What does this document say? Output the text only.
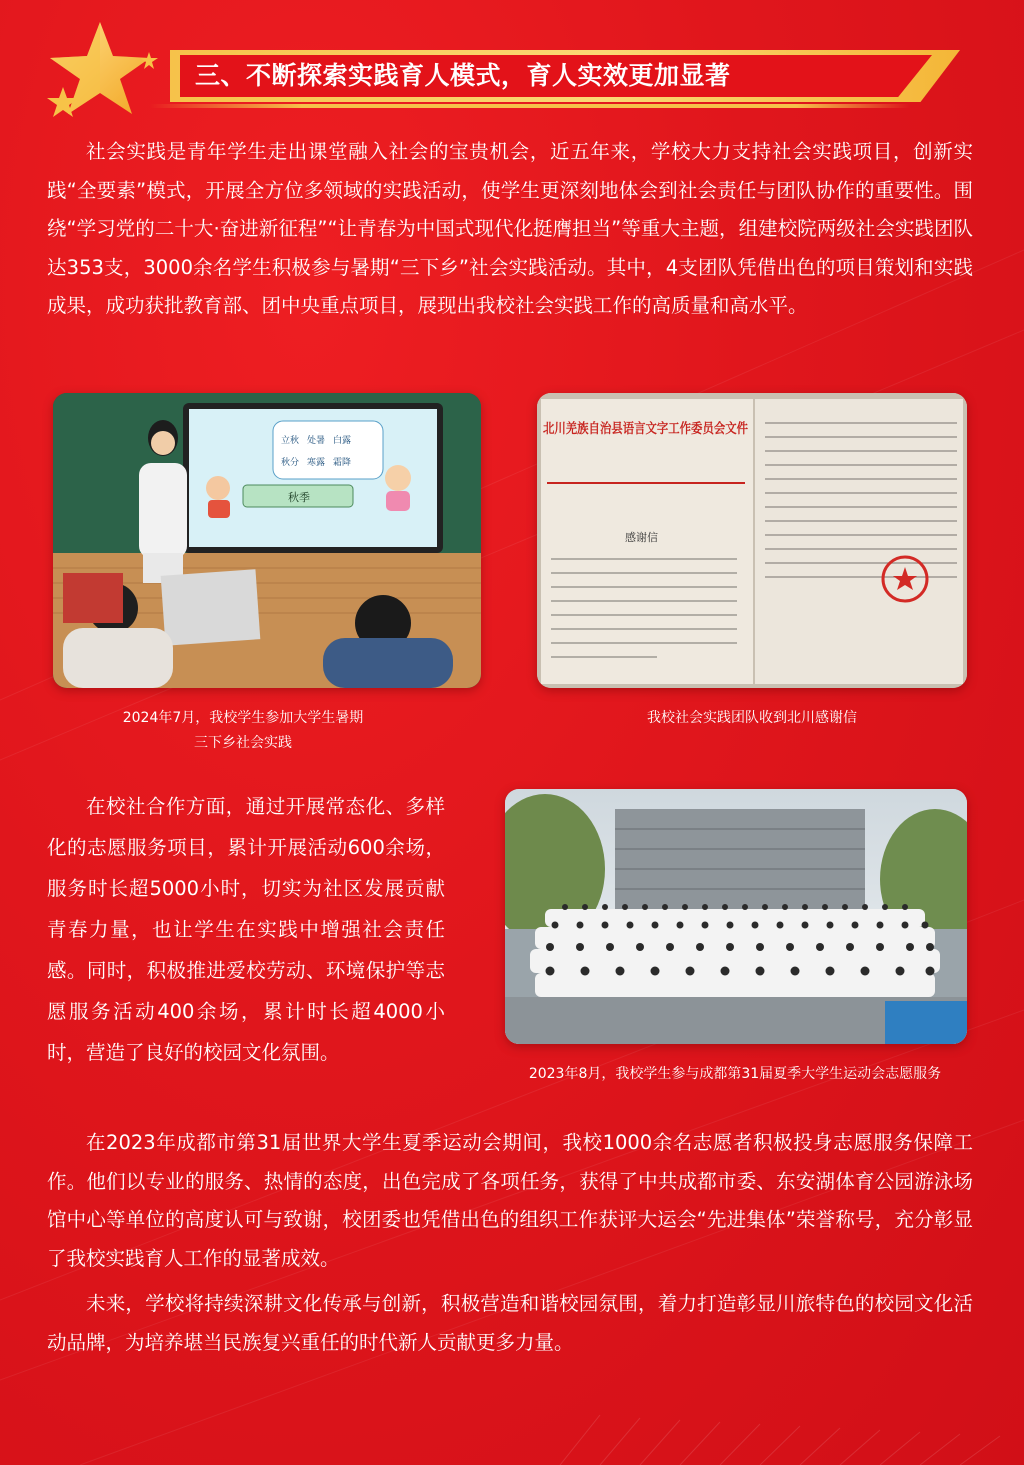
三、不断探索实践育人模式，育人实效更加显著

社会实践是青年学生走出课堂融入社会的宝贵机会，近五年来，学校大力支持社会实践项目，创新实践“全要素”模式，开展全方位多领域的实践活动，使学生更深刻地体会到社会责任与团队协作的重要性。围绕“学习党的二十大·奋进新征程”“让青春为中国式现代化挺膺担当”等重大主题，组建校院两级社会实践团队达353支，3000余名学生积极参与暑期“三下乡”社会实践活动。其中，4支团队凭借出色的项目策划和实践成果，成功获批教育部、团中央重点项目，展现出我校社会实践工作的高质量和高水平。

立秋 处暑 白露
秋分 寒露 霜降
秋季
北川羌族自治县语言文字工作委员会文件
感谢信
2024年7月，我校学生参加大学生暑期
三下乡社会实践
我校社会实践团队收到北川感谢信

在校社合作方面，通过开展常态化、多样化的志愿服务项目，累计开展活动600余场，服务时长超5000小时，切实为社区发展贡献青春力量，也让学生在实践中增强社会责任感。同时，积极推进爱校劳动、环境保护等志愿服务活动400余场，累计时长超4000小时，营造了良好的校园文化氛围。

2023年8月，我校学生参与成都第31届夏季大学生运动会志愿服务

在2023年成都市第31届世界大学生夏季运动会期间，我校1000余名志愿者积极投身志愿服务保障工作。他们以专业的服务、热情的态度，出色完成了各项任务，获得了中共成都市委、东安湖体育公园游泳场馆中心等单位的高度认可与致谢，校团委也凭借出色的组织工作获评大运会“先进集体”荣誉称号，充分彰显了我校实践育人工作的显著成效。

未来，学校将持续深耕文化传承与创新，积极营造和谐校园氛围，着力打造彰显川旅特色的校园文化活动品牌，为培养堪当民族复兴重任的时代新人贡献更多力量。
